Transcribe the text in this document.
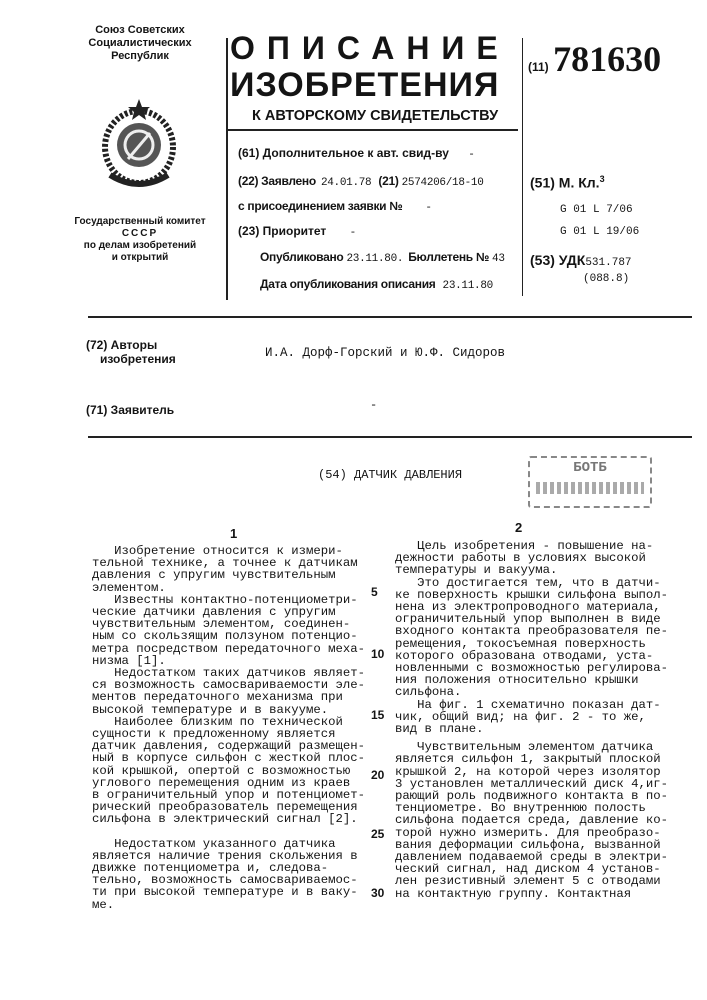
Союз Советских
Социалистических
Республик
Государственный комитет
СССР
по делам изобретений
и открытий
ОПИСАНИЕ
ИЗОБРЕТЕНИЯ
К АВТОРСКОМУ СВИДЕТЕЛЬСТВУ
(11) 781630
(61) Дополнительное к авт. свид-ву -
(22) Заявлено 24.01.78 (21) 2574206/18-10
с присоединением заявки № -
(23) Приоритет -
Опубликовано 23.11.80. Бюллетень № 43
Дата опубликования описания 23.11.80
(51) М. Кл.3
G 01 L 7/06
G 01 L 19/06
(53) УДК531.787
(088.8)
(72) Авторы
изобретения	И.А. Дорф-Горский и Ю.Ф. Сидоров
(71) Заявитель	-
(54) ДАТЧИК ДАВЛЕНИЯ	БОТБ
1	2
Изобретение относится к измери-
тельной технике, а точнее к датчикам
давления с упругим чувствительным
элементом.
Известны контактно-потенциометри-
ческие датчики давления с упругим
чувствительным элементом, соединен-
ным со скользящим ползуном потенцио-
метра посредством передаточного меха-
низма [1].
Недостатком таких датчиков являет-
ся возможность самосвариваемости эле-
ментов передаточного механизма при
высокой температуре и в вакууме.
Наиболее близким по технической
сущности к предложенному является
датчик давления, содержащий размещен-
ный в корпусе сильфон с жесткой плос-
кой крышкой, опертой с возможностью
углового перемещения одним из краев
в ограничительный упор и потенциомет-
рический преобразователь перемещения
сильфона в электрический сигнал [2].
Недостатком указанного датчика
является наличие трения скольжения в
движке потенциометра и, следова-
тельно, возможность самосвариваемос-
ти при высокой температуре и в ваку-
ме.
Цель изобретения - повышение на-
дежности работы в условиях высокой
температуры и вакуума.
Это достигается тем, что в датчи-
ке поверхность крышки сильфона выпол-
нена из электропроводного материала,
ограничительный упор выполнен в виде
входного контакта преобразователя пе-
ремещения, токосъемная поверхность
которого образована отводами, уста-
новленными с возможностью регулирова-
ния положения относительно крышки
сильфона.
На фиг. 1 схематично показан дат-
чик, общий вид; на фиг. 2 - то же,
вид в плане.
Чувствительным элементом датчика
является сильфон 1, закрытый плоской
крышкой 2, на которой через изолятор
3 установлен металлический диск 4,иг-
рающий роль подвижного контакта в по-
тенциометре. Во внутреннюю полость
сильфона подается среда, давление ко-
торой нужно измерить. Для преобразо-
вания деформации сильфона, вызванной
давлением подаваемой среды в электри-
ческий сигнал, над диском 4 установ-
лен резистивный элемент 5 с отводами
на контактную группу. Контактная
5
10
15
20
25
30
